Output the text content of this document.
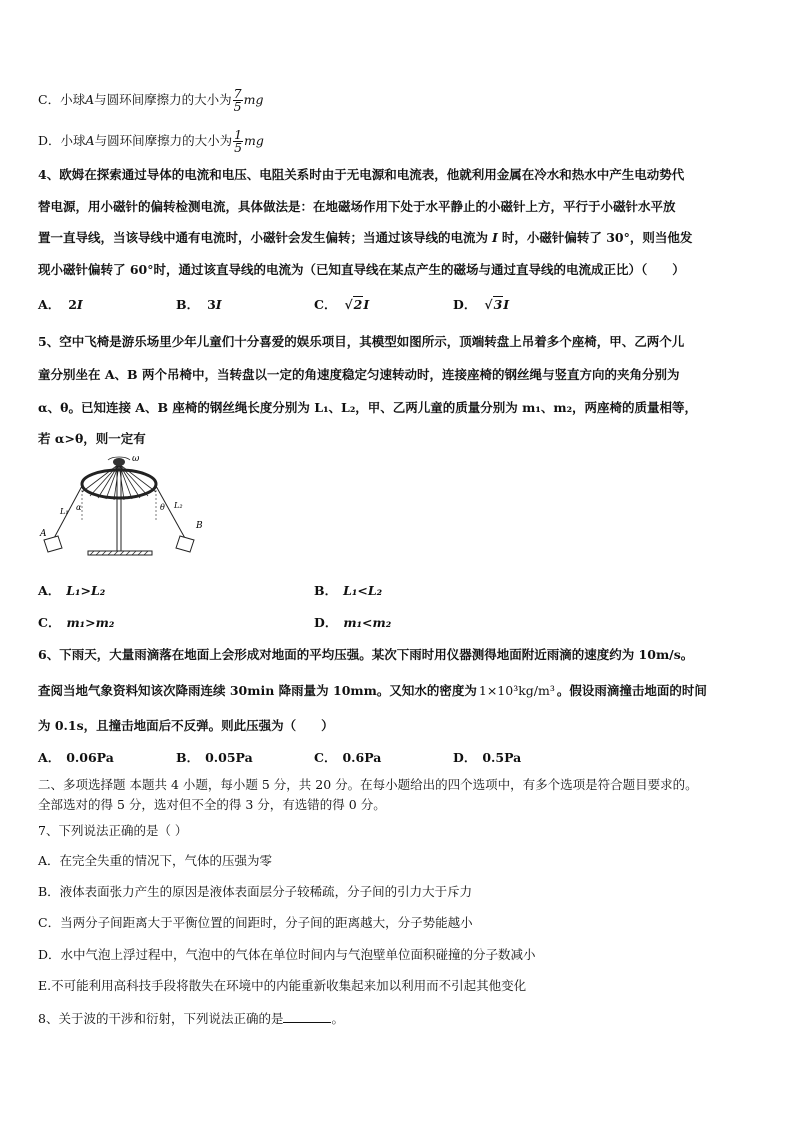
C．小球A与圆环间摩擦力的大小为 $\frac{7}{5}$ mg
D．小球A与圆环间摩擦力的大小为 $\frac{1}{5}$ mg
4、欧姆在探索通过导体的电流和电压、电阻关系时由于无电源和电流表，他就利用金属在冷水和热水中产生电动势代
替电源，用小磁针的偏转检测电流，具体做法是：在地磁场作用下处于水平静止的小磁针上方，平行于小磁针水平放
置一直导线，当该导线中通有电流时，小磁针会发生偏转；当通过该导线的电流为 I 时，小磁针偏转了 30°，则当他发
现小磁针偏转了 60°时，通过该直导线的电流为（已知直导线在某点产生的磁场与通过直导线的电流成正比）（　　）
A． 2I	B． 3I	C． √2I	D． √3I
5、空中飞椅是游乐场里少年儿童们十分喜爱的娱乐项目，其模型如图所示，顶端转盘上吊着多个座椅，甲、乙两个儿
童分别坐在 A、B 两个吊椅中，当转盘以一定的角速度稳定匀速转动时，连接座椅的钢丝绳与竖直方向的夹角分别为
α、θ。已知连接 A、B 座椅的钢丝绳长度分别为 L₁、L₂，甲、乙两儿童的质量分别为 m₁、m₂，两座椅的质量相等，
若 α>θ，则一定有
ω
L₁ α
A
θ L₂
B
A． L₁>L₂	B． L₁<L₂
C． m₁>m₂	D． m₁<m₂
6、下雨天，大量雨滴落在地面上会形成对地面的平均压强。某次下雨时用仪器测得地面附近雨滴的速度约为 10m/s。
查阅当地气象资料知该次降雨连续 30min 降雨量为 10mm。又知水的密度为 1×10³kg/m³ 。假设雨滴撞击地面的时间
为 0.1s，且撞击地面后不反弹。则此压强为（　　）
A． 0.06Pa	B． 0.05Pa	C． 0.6Pa	D． 0.5Pa
二、多项选择题 本题共 4 小题，每小题 5 分，共 20 分。在每小题给出的四个选项中，有多个选项是符合题目要求的。
全部选对的得 5 分，选对但不全的得 3 分，有选错的得 0 分。
7、下列说法正确的是（ ）
A．在完全失重的情况下，气体的压强为零
B．液体表面张力产生的原因是液体表面层分子较稀疏，分子间的引力大于斥力
C．当两分子间距离大于平衡位置的间距时，分子间的距离越大，分子势能越小
D．水中气泡上浮过程中，气泡中的气体在单位时间内与气泡壁单位面积碰撞的分子数减小
E.不可能利用高科技手段将散失在环境中的内能重新收集起来加以利用而不引起其他变化
8、关于波的干涉和衍射，下列说法正确的是	。
